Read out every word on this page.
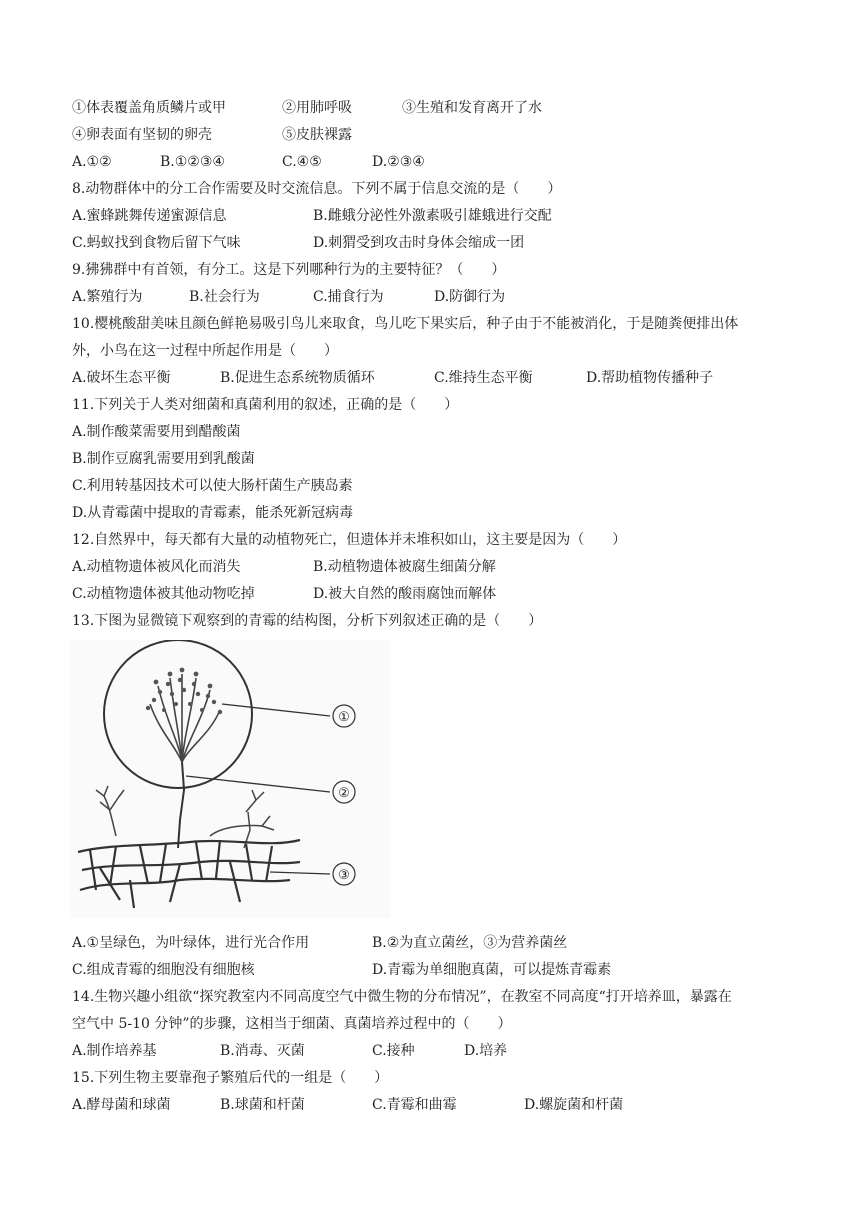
①体表覆盖角质鳞片或甲	②用肺呼吸	③生殖和发育离开了水
④卵表面有坚韧的卵壳	⑤皮肤裸露
A.①②	B.①②③④	C.④⑤	D.②③④
8.动物群体中的分工合作需要及时交流信息。下列不属于信息交流的是（　　）
A.蜜蜂跳舞传递蜜源信息	B.雌蛾分泌性外激素吸引雄蛾进行交配
C.蚂蚁找到食物后留下气味	D.刺猬受到攻击时身体会缩成一团
9.狒狒群中有首领，有分工。这是下列哪种行为的主要特征？（　　）
A.繁殖行为	B.社会行为	C.捕食行为	D.防御行为
10.樱桃酸甜美味且颜色鲜艳易吸引鸟儿来取食，鸟儿吃下果实后，种子由于不能被消化，于是随粪便排出体
外，小鸟在这一过程中所起作用是（　　）
A.破坏生态平衡	B.促进生态系统物质循环	C.维持生态平衡	D.帮助植物传播种子
11.下列关于人类对细菌和真菌利用的叙述，正确的是（　　）
A.制作酸菜需要用到醋酸菌
B.制作豆腐乳需要用到乳酸菌
C.利用转基因技术可以使大肠杆菌生产胰岛素
D.从青霉菌中提取的青霉素，能杀死新冠病毒
12.自然界中，每天都有大量的动植物死亡，但遗体并未堆积如山，这主要是因为（　　）
A.动植物遗体被风化而消失	B.动植物遗体被腐生细菌分解
C.动植物遗体被其他动物吃掉	D.被大自然的酸雨腐蚀而解体
13.下图为显微镜下观察到的青霉的结构图，分析下列叙述正确的是（　　）
①
②
③
A.①呈绿色，为叶绿体，进行光合作用	B.②为直立菌丝，③为营养菌丝
C.组成青霉的细胞没有细胞核	D.青霉为单细胞真菌，可以提炼青霉素
14.生物兴趣小组欲“探究教室内不同高度空气中微生物的分布情况”，在教室不同高度“打开培养皿，暴露在
空气中 5-10 分钟”的步骤，这相当于细菌、真菌培养过程中的（　　）
A.制作培养基	B.消毒、灭菌	C.接种	D.培养
15.下列生物主要靠孢子繁殖后代的一组是（　　）
A.酵母菌和球菌	B.球菌和杆菌	C.青霉和曲霉	D.螺旋菌和杆菌
